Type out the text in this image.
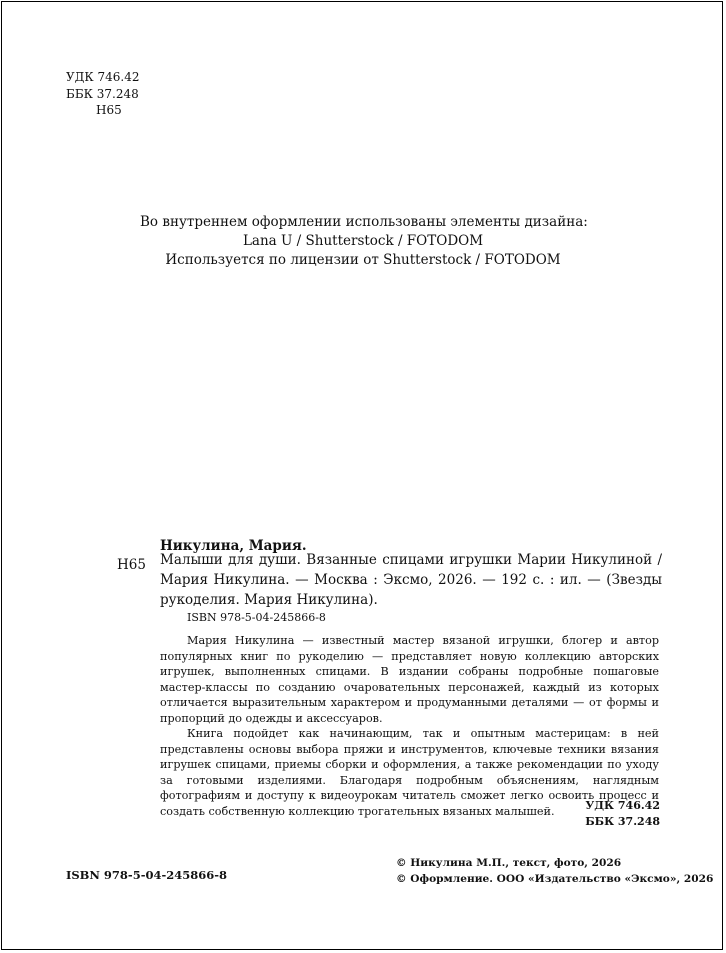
УДК 746.42
ББК 37.248
Н65
Во внутреннем оформлении использованы элементы дизайна:
Lana U / Shutterstock / FOTODOM
Используется по лицензии от Shutterstock / FOTODOM
Никулина, Мария.
Н65 Малыши для души. Вязанные спицами игрушки Марии Никулиной / Мария Никулина. — Москва : Эксмо, 2026. — 192 с. : ил. — (Звезды рукоделия. Мария Никулина).

ISBN 978-5-04-245866-8

Мария Никулина — известный мастер вязаной игрушки, блогер и автор популярных книг по рукоделию — представляет новую коллекцию авторских игрушек, выполненных спицами. В издании собраны подробные пошаговые мастер-классы по созданию очаровательных персонажей, каждый из которых отличается выразительным характером и продуманными деталями — от формы и пропорций до одежды и аксессуаров.

Книга подойдет как начинающим, так и опытным мастерицам: в ней представлены основы выбора пряжи и инструментов, ключевые техники вязания игрушек спицами, приемы сборки и оформления, а также рекомендации по уходу за готовыми изделиями. Благодаря подробным объяснениям, наглядным фотографиям и доступу к видеоурокам читатель сможет легко освоить процесс и создать собственную коллекцию трогательных вязаных малышей.	УДК 746.42
ББК 37.248
ISBN 978-5-04-245866-8
© Никулина М.П., текст, фото, 2026
© Оформление. ООО «Издательство «Эксмо», 2026
